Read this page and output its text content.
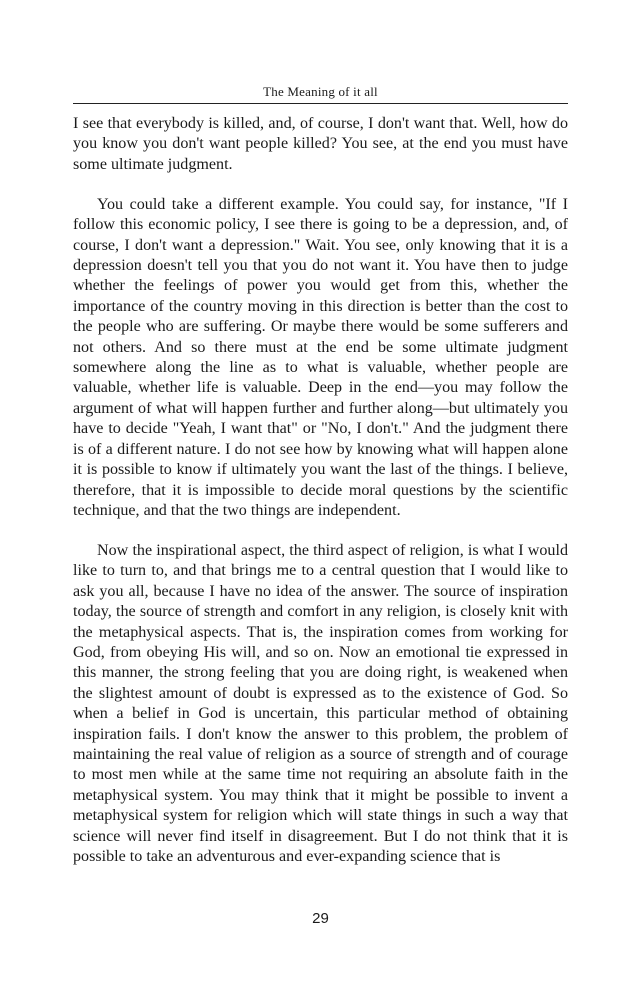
The Meaning of it all

I see that everybody is killed, and, of course, I don't want that. Well, how do you know you don't want people killed? You see, at the end you must have some ultimate judgment.

You could take a different example. You could say, for instance, "If I follow this economic policy, I see there is going to be a depression, and, of course, I don't want a depression." Wait. You see, only knowing that it is a depression doesn't tell you that you do not want it. You have then to judge whether the feelings of power you would get from this, whether the importance of the country moving in this direction is better than the cost to the people who are suffering. Or maybe there would be some sufferers and not others. And so there must at the end be some ultimate judgment somewhere along the line as to what is valuable, whether people are valuable, whether life is valuable. Deep in the end—you may follow the argument of what will happen further and further along—but ultimately you have to decide "Yeah, I want that" or "No, I don't." And the judgment there is of a different nature. I do not see how by knowing what will happen alone it is possible to know if ultimately you want the last of the things. I believe, therefore, that it is impossible to decide moral questions by the scientific technique, and that the two things are independent.

Now the inspirational aspect, the third aspect of religion, is what I would like to turn to, and that brings me to a central question that I would like to ask you all, because I have no idea of the answer. The source of inspiration today, the source of strength and comfort in any religion, is closely knit with the metaphysical aspects. That is, the inspiration comes from working for God, from obeying His will, and so on. Now an emotional tie expressed in this manner, the strong feeling that you are doing right, is weakened when the slightest amount of doubt is expressed as to the existence of God. So when a belief in God is uncertain, this particular method of obtaining inspiration fails. I don't know the answer to this problem, the problem of maintaining the real value of religion as a source of strength and of courage to most men while at the same time not requiring an absolute faith in the metaphysical system. You may think that it might be possible to invent a metaphysical system for religion which will state things in such a way that science will never find itself in disagreement. But I do not think that it is possible to take an adventurous and ever-expanding science that is

29
